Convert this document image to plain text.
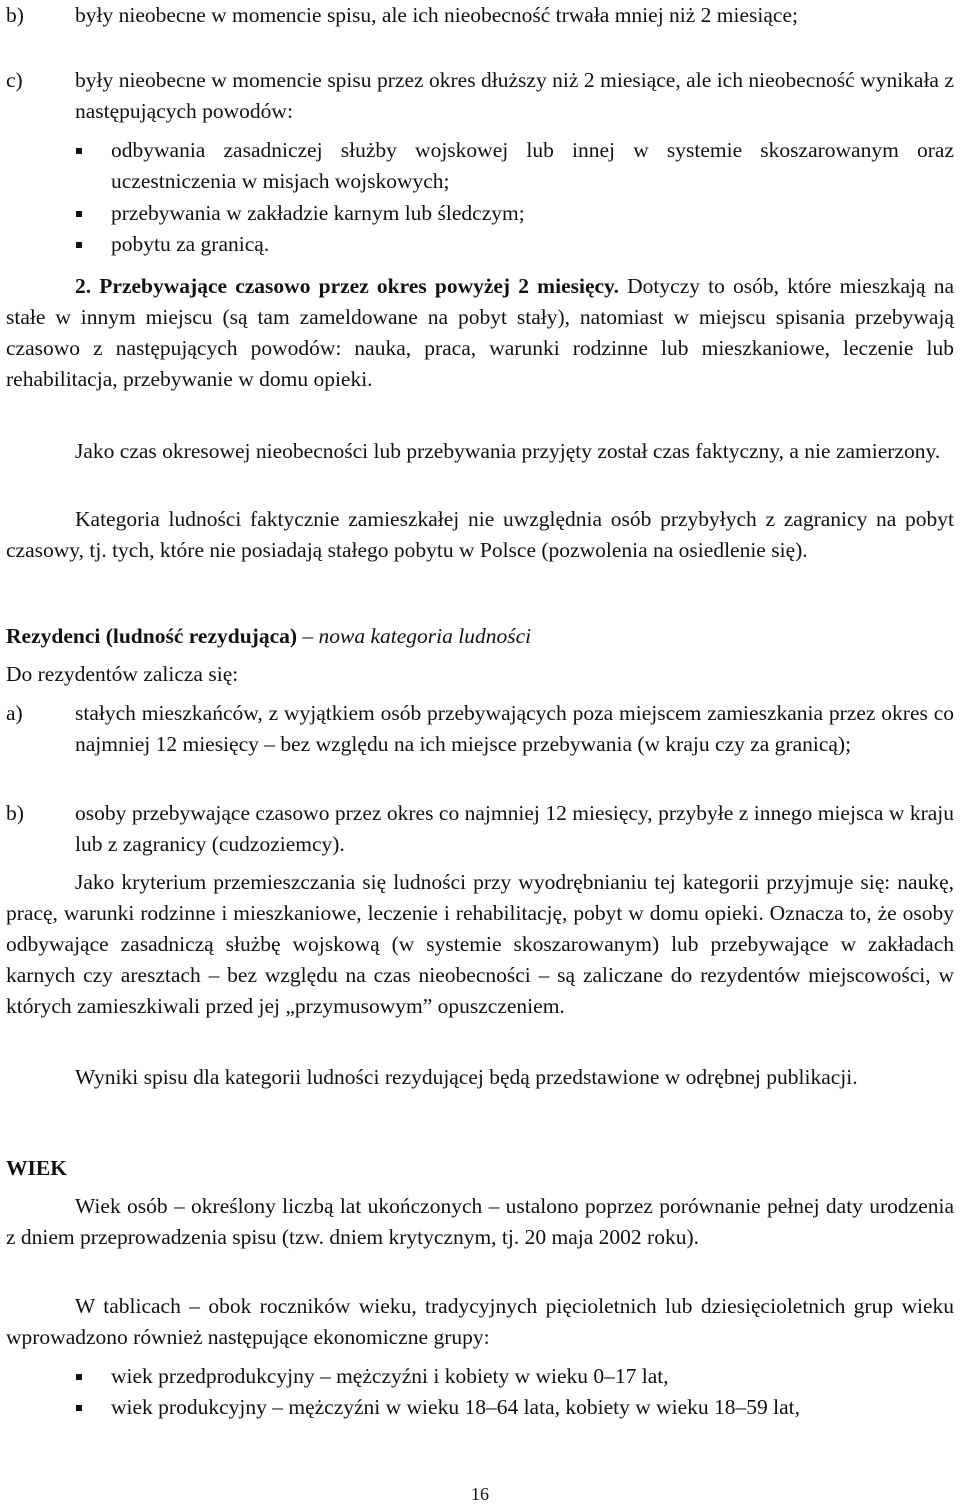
b) były nieobecne w momencie spisu, ale ich nieobecność trwała mniej niż 2 miesiące;

c) były nieobecne w momencie spisu przez okres dłuższy niż 2 miesiące, ale ich nieobecność wynikała z następujących powodów:

odbywania zasadniczej służby wojskowej lub innej w systemie skoszarowanym oraz uczestniczenia w misjach wojskowych;

przebywania w zakładzie karnym lub śledczym;

pobytu za granicą.

2. Przebywające czasowo przez okres powyżej 2 miesięcy. Dotyczy to osób, które mieszkają na stałe w innym miejscu (są tam zameldowane na pobyt stały), natomiast w miejscu spisania przebywają czasowo z następujących powodów: nauka, praca, warunki rodzinne lub mieszkaniowe, leczenie lub rehabilitacja, przebywanie w domu opieki.

Jako czas okresowej nieobecności lub przebywania przyjęty został czas faktyczny, a nie zamierzony.

Kategoria ludności faktycznie zamieszkałej nie uwzględnia osób przybyłych z zagranicy na pobyt czasowy, tj. tych, które nie posiadają stałego pobytu w Polsce (pozwolenia na osiedlenie się).

Rezydenci (ludność rezydująca) – nowa kategoria ludności

Do rezydentów zalicza się:

a) stałych mieszkańców, z wyjątkiem osób przebywających poza miejscem zamieszkania przez okres co najmniej 12 miesięcy – bez względu na ich miejsce przebywania (w kraju czy za granicą);

b) osoby przebywające czasowo przez okres co najmniej 12 miesięcy, przybyłe z innego miejsca w kraju lub z zagranicy (cudzoziemcy).

Jako kryterium przemieszczania się ludności przy wyodrębnianiu tej kategorii przyjmuje się: naukę, pracę, warunki rodzinne i mieszkaniowe, leczenie i rehabilitację, pobyt w domu opieki. Oznacza to, że osoby odbywające zasadniczą służbę wojskową (w systemie skoszarowanym) lub przebywające w zakładach karnych czy aresztach – bez względu na czas nieobecności – są zaliczane do rezydentów miejscowości, w których zamieszkiwali przed jej „przymusowym” opuszczeniem.

Wyniki spisu dla kategorii ludności rezydującej będą przedstawione w odrębnej publikacji.

WIEK

Wiek osób – określony liczbą lat ukończonych – ustalono poprzez porównanie pełnej daty urodzenia z dniem przeprowadzenia spisu (tzw. dniem krytycznym, tj. 20 maja 2002 roku).

W tablicach – obok roczników wieku, tradycyjnych pięcioletnich lub dziesięcioletnich grup wieku wprowadzono również następujące ekonomiczne grupy:

wiek przedprodukcyjny – mężczyźni i kobiety w wieku 0–17 lat,

wiek produkcyjny – mężczyźni w wieku 18–64 lata, kobiety w wieku 18–59 lat,

16
